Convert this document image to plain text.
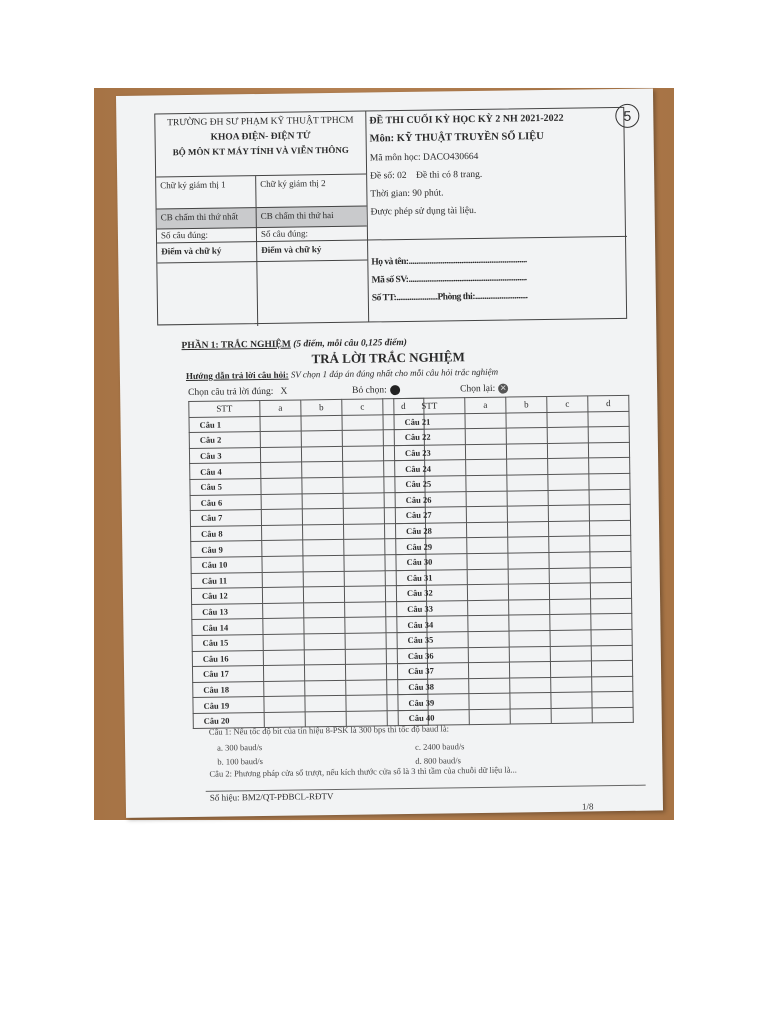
TRƯỜNG ĐH SƯ PHẠM KỸ THUẬT TPHCM
KHOA ĐIỆN- ĐIỆN TỬ
BỘ MÔN KT MÁY TÍNH VÀ VIỄN THÔNG
Chữ ký giám thị 1	Chữ ký giám thị 2
CB chấm thi thứ nhất	CB chấm thi thứ hai
Số câu đúng:	Số câu đúng:
Điểm và chữ ký	Điểm và chữ ký
ĐỀ THI CUỐI KỲ HỌC KỲ 2 NH 2021-2022	5
Môn: KỸ THUẬT TRUYỀN SỐ LIỆU
Mã môn học: DACO430664
Đề số: 02    Đề thi có 8 trang.
Thời gian: 90 phút.
Được phép sử dụng tài liệu.
Họ và tên:...............................................................
Mã số SV:...............................................................
Số TT:......................Phòng thi:............................
PHẦN 1: TRẮC NGHIỆM (5 điểm, mỗi câu 0,125 điểm)
TRẢ LỜI TRẮC NGHIỆM
Hướng dẫn trả lời câu hỏi: SV chọn 1 đáp án đúng nhất cho mỗi câu hỏi trắc nghiệm
Chọn câu trả lời đúng:   X	Bỏ chọn:	Chọn lại: ✕
STT	a	b	c	d
Câu 1				
Câu 2				
Câu 3				
Câu 4				
Câu 5				
Câu 6				
Câu 7				
Câu 8				
Câu 9				
Câu 10				
Câu 11				
Câu 12				
Câu 13				
Câu 14				
Câu 15				
Câu 16				
Câu 17				
Câu 18				
Câu 19				
Câu 20				
STT	a	b	c	d
Câu 21				
Câu 22				
Câu 23				
Câu 24				
Câu 25				
Câu 26				
Câu 27				
Câu 28				
Câu 29				
Câu 30				
Câu 31				
Câu 32				
Câu 33				
Câu 34				
Câu 35				
Câu 36				
Câu 37				
Câu 38				
Câu 39				
Câu 40				
Câu 1: Nếu tốc độ bit của tín hiệu 8-PSK là 300 bps thì tốc độ baud là:
a. 300 baud/s	c. 2400 baud/s
b. 100 baud/s	d. 800 baud/s
Câu 2: Phương pháp cửa sổ trượt, nếu kích thước cửa sổ là 3 thì tầm của chuỗi dữ liệu là...
Số hiệu: BM2/QT-PĐBCL-RĐTV
1/8
